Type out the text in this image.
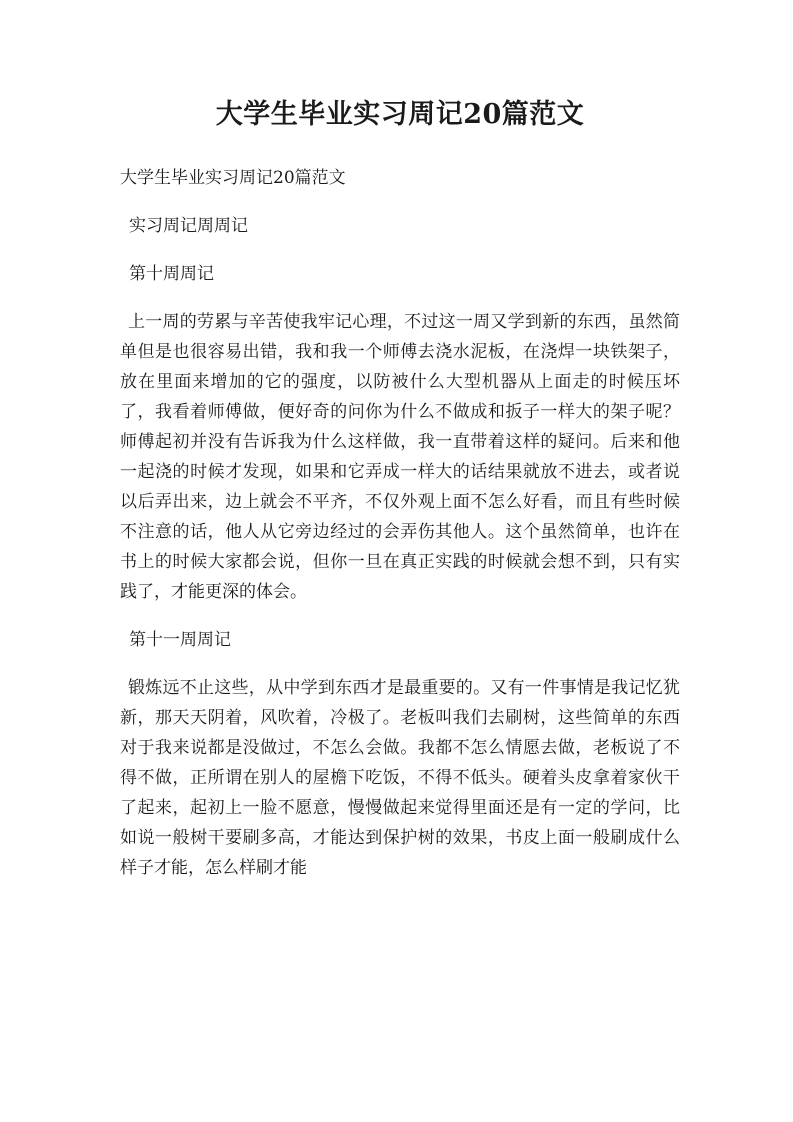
大学生毕业实习周记20篇范文

大学生毕业实习周记20篇范文

实习周记周周记

第十周周记

上一周的劳累与辛苦使我牢记心理，不过这一周又学到新的东西，虽然简单但是也很容易出错，我和我一个师傅去浇水泥板，在浇焊一块铁架子，放在里面来增加的它的强度，以防被什么大型机器从上面走的时候压坏了，我看着师傅做，便好奇的问你为什么不做成和扳子一样大的架子呢？师傅起初并没有告诉我为什么这样做，我一直带着这样的疑问。后来和他一起浇的时候才发现，如果和它弄成一样大的话结果就放不进去，或者说以后弄出来，边上就会不平齐，不仅外观上面不怎么好看，而且有些时候不注意的话，他人从它旁边经过的会弄伤其他人。这个虽然简单，也许在书上的时候大家都会说，但你一旦在真正实践的时候就会想不到，只有实践了，才能更深的体会。

第十一周周记

锻炼远不止这些，从中学到东西才是最重要的。又有一件事情是我记忆犹新，那天天阴着，风吹着，冷极了。老板叫我们去刷树，这些简单的东西对于我来说都是没做过，不怎么会做。我都不怎么情愿去做，老板说了不得不做，正所谓在别人的屋檐下吃饭，不得不低头。硬着头皮拿着家伙干了起来，起初上一脸不愿意，慢慢做起来觉得里面还是有一定的学问，比如说一般树干要刷多高，才能达到保护树的效果，书皮上面一般刷成什么样子才能，怎么样刷才能
